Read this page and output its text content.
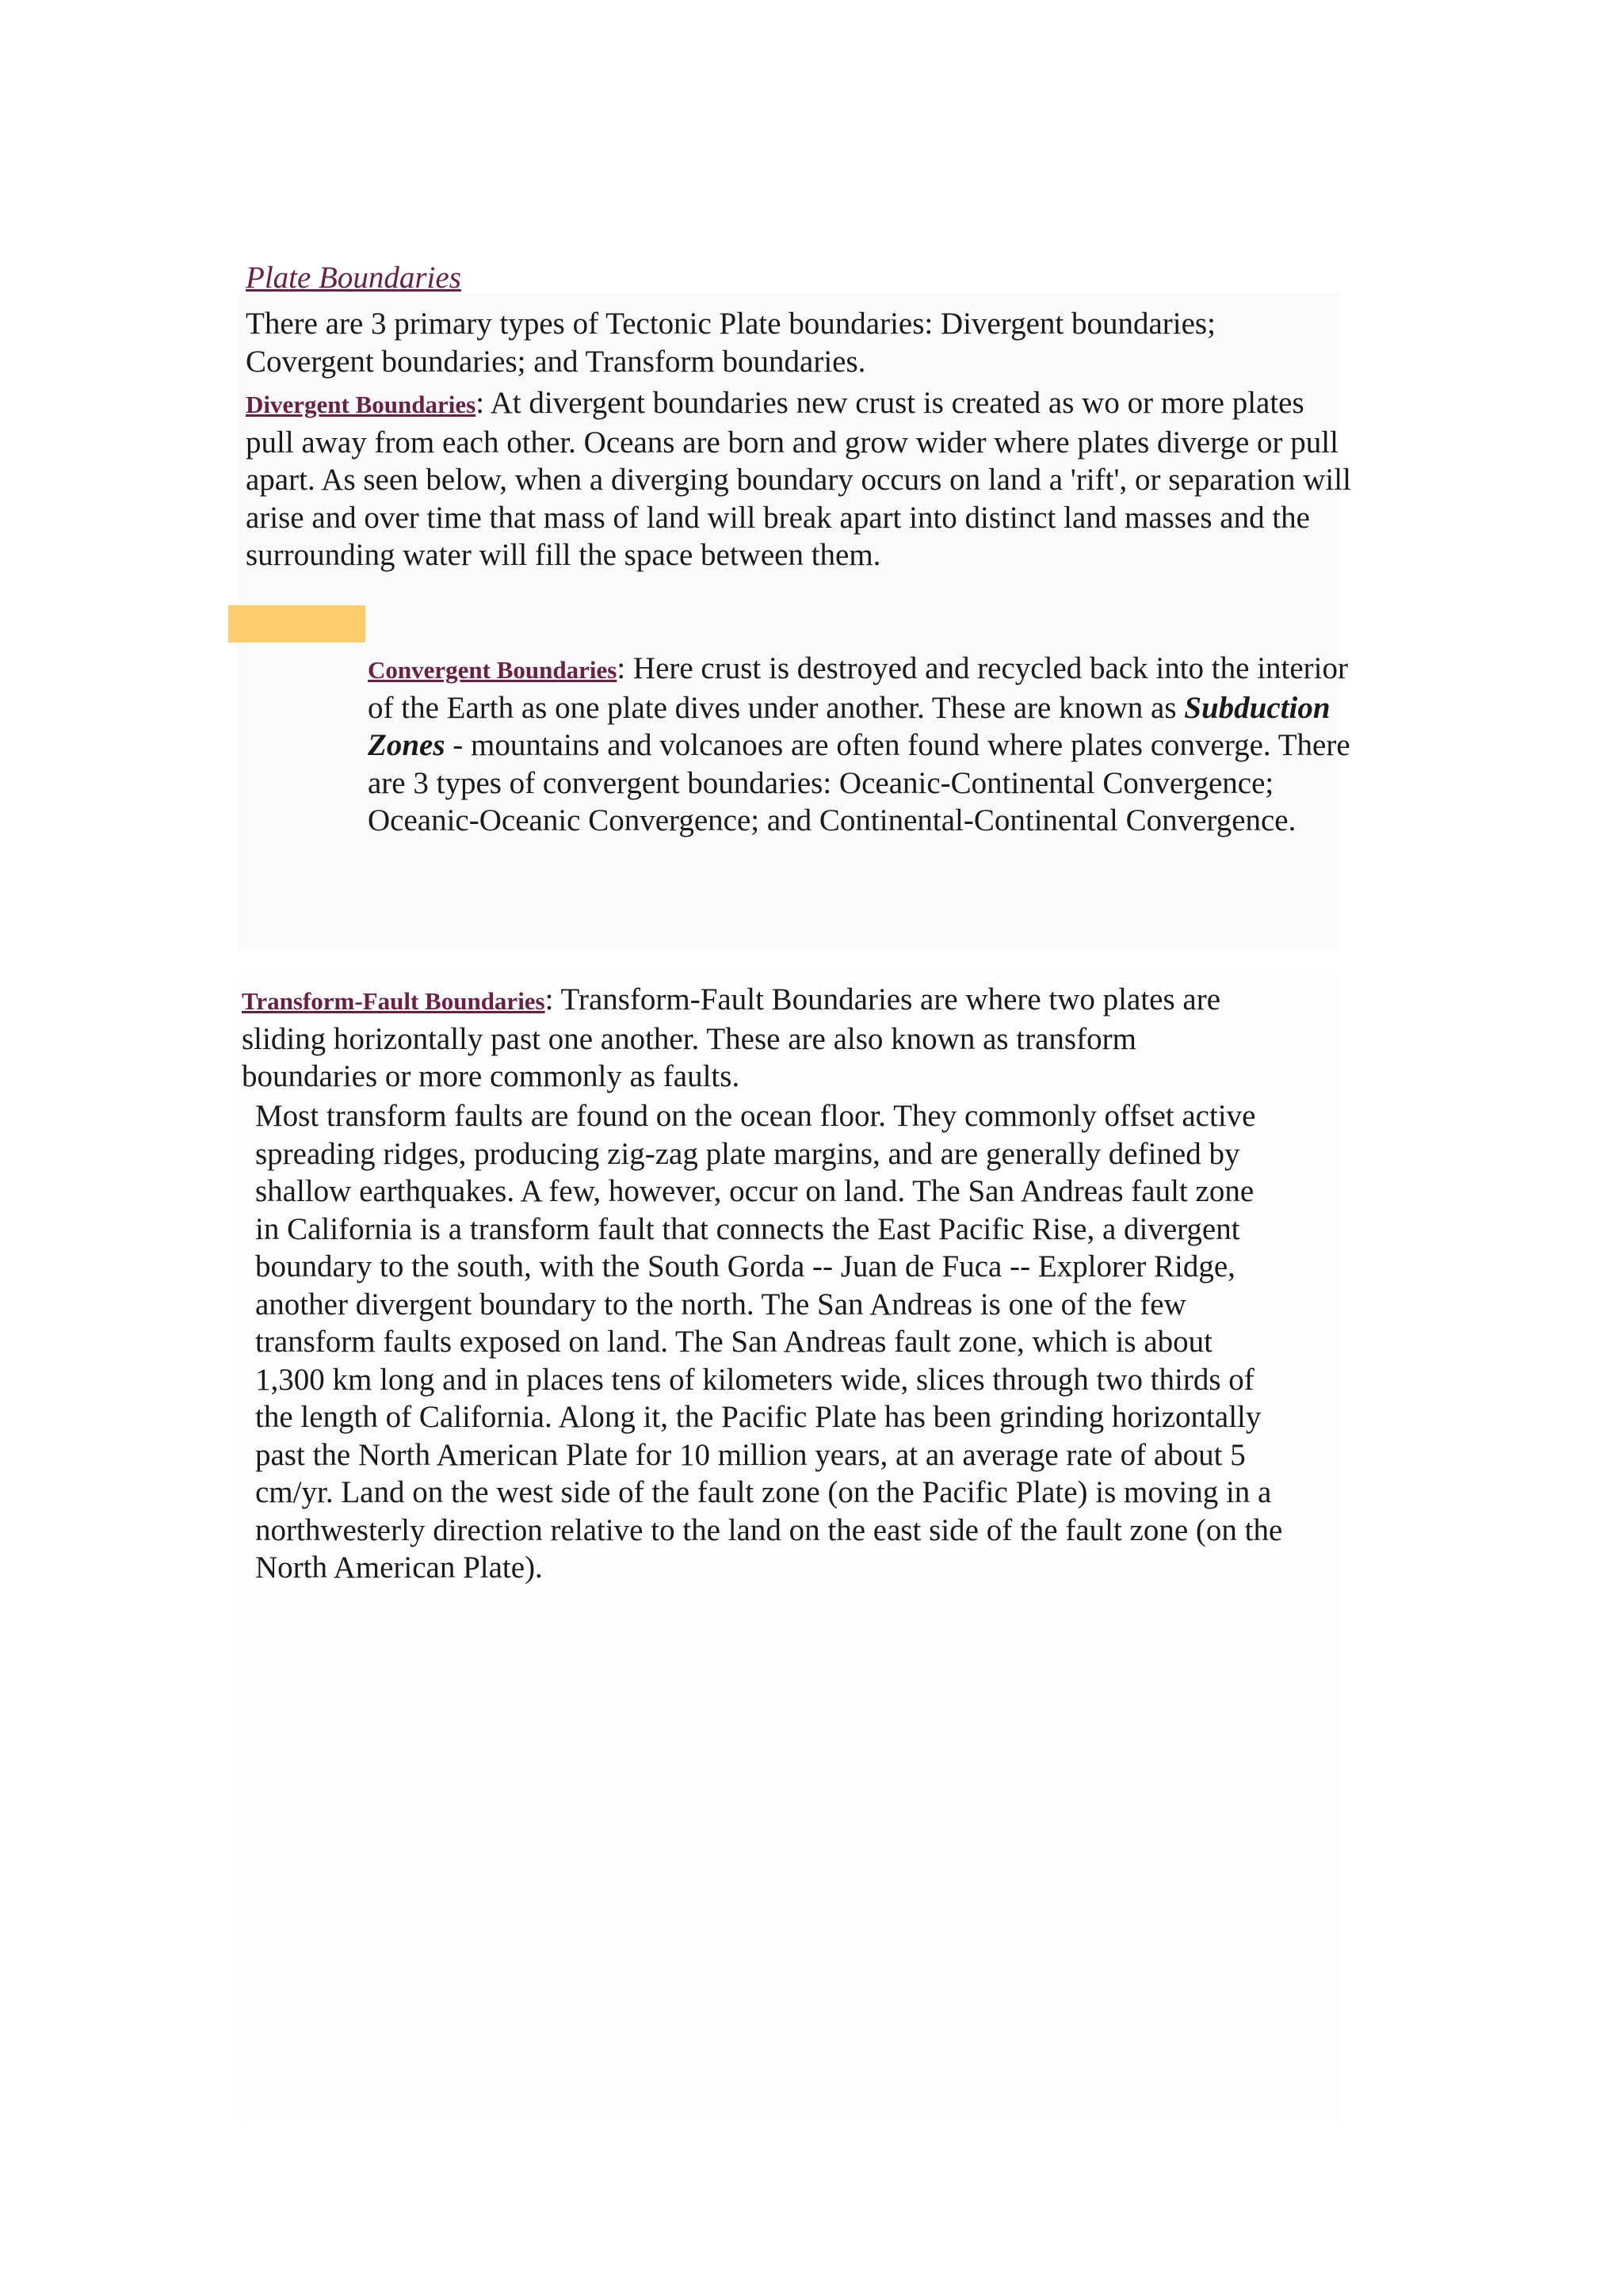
Plate Boundaries

There are 3 primary types of Tectonic Plate boundaries: Divergent boundaries; Covergent boundaries; and Transform boundaries.

Divergent Boundaries: At divergent boundaries new crust is created as wo or more plates pull away from each other. Oceans are born and grow wider where plates diverge or pull apart. As seen below, when a diverging boundary occurs on land a 'rift', or separation will arise and over time that mass of land will break apart into distinct land masses and the surrounding water will fill the space between them.

Convergent Boundaries: Here crust is destroyed and recycled back into the interior of the Earth as one plate dives under another. These are known as Subduction Zones - mountains and volcanoes are often found where plates converge. There are 3 types of convergent boundaries: Oceanic-Continental Convergence; Oceanic-Oceanic Convergence; and Continental-Continental Convergence.

Transform-Fault Boundaries: Transform-Fault Boundaries are where two plates are sliding horizontally past one another. These are also known as transform boundaries or more commonly as faults.

Most transform faults are found on the ocean floor. They commonly offset active spreading ridges, producing zig-zag plate margins, and are generally defined by shallow earthquakes. A few, however, occur on land. The San Andreas fault zone in California is a transform fault that connects the East Pacific Rise, a divergent boundary to the south, with the South Gorda -- Juan de Fuca -- Explorer Ridge, another divergent boundary to the north. The San Andreas is one of the few transform faults exposed on land. The San Andreas fault zone, which is about 1,300 km long and in places tens of kilometers wide, slices through two thirds of the length of California. Along it, the Pacific Plate has been grinding horizontally past the North American Plate for 10 million years, at an average rate of about 5 cm/yr. Land on the west side of the fault zone (on the Pacific Plate) is moving in a northwesterly direction relative to the land on the east side of the fault zone (on the North American Plate).
